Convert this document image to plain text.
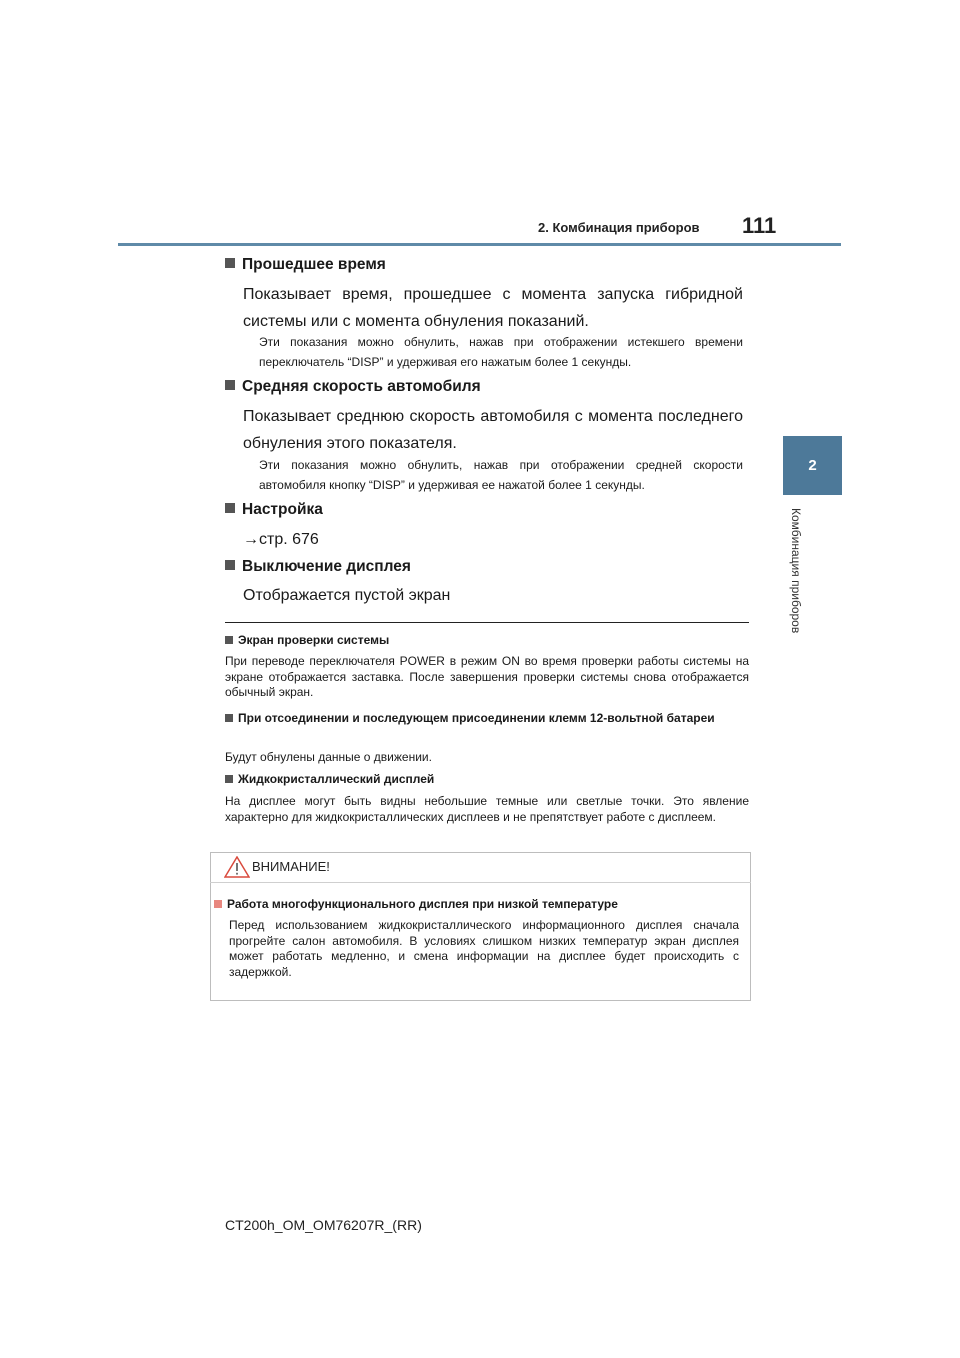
2. Комбинация приборов 111
2
Комбинация приборов
Прошедшее время
Показывает время, прошедшее с момента запуска гибридной системы или с момента обнуления показаний.
Эти показания можно обнулить, нажав при отображении истекшего времени переключатель “DISP” и удерживая его нажатым более 1 секунды.
Средняя скорость автомобиля
Показывает среднюю скорость автомобиля с момента последнего обнуления этого показателя.
Эти показания можно обнулить, нажав при отображении средней скорости автомобиля кнопку “DISP” и удерживая ее нажатой более 1 секунды.
Настройка
→стр. 676
Выключение дисплея
Отображается пустой экран
Экран проверки системы
При переводе переключателя POWER в режим ON во время проверки работы системы на экране отображается заставка. После завершения проверки системы снова отображается обычный экран.
При отсоединении и последующем присоединении клемм 12-вольтной батареи
Будут обнулены данные о движении.
Жидкокристаллический дисплей
На дисплее могут быть видны небольшие темные или светлые точки. Это явление характерно для жидкокристаллических дисплеев и не препятствует работе с дисплеем.
ВНИМАНИЕ!
Работа многофункционального дисплея при низкой температуре
Перед использованием жидкокристаллического информационного дисплея сначала прогрейте салон автомобиля. В условиях слишком низких температур экран дисплея может работать медленно, и смена информации на дисплее будет происходить с задержкой.
CT200h_OM_OM76207R_(RR)
